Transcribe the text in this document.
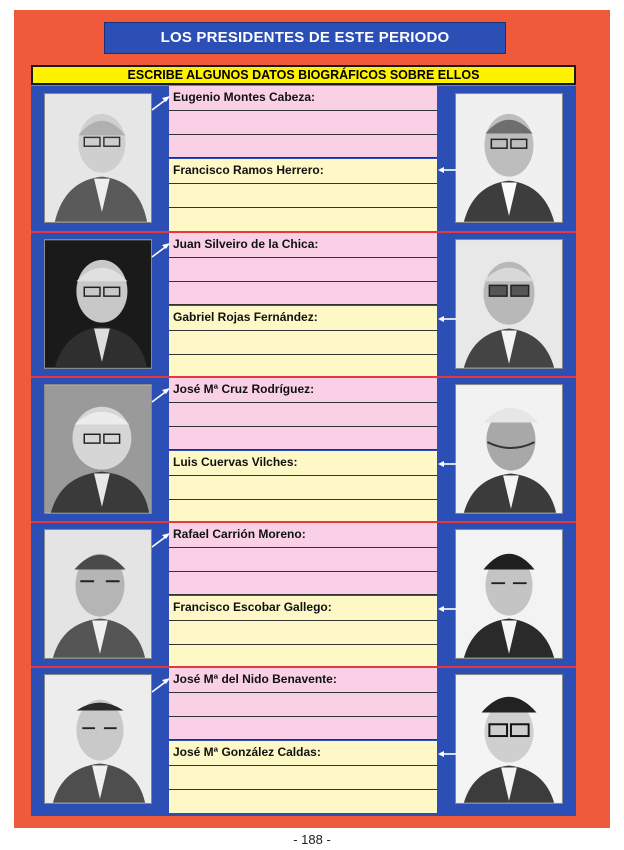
LOS PRESIDENTES DE ESTE PERIODO
ESCRIBE ALGUNOS DATOS BIOGRÁFICOS SOBRE ELLOS
Eugenio Montes Cabeza:
Francisco Ramos Herrero:
Juan Silveiro de la Chica:
Gabriel Rojas Fernández:
José Mª Cruz Rodríguez:
Luis Cuervas Vilches:
Rafael Carrión Moreno:
Francisco Escobar Gallego:
José Mª del Nido Benavente:
José Mª González Caldas:
- 188 -
